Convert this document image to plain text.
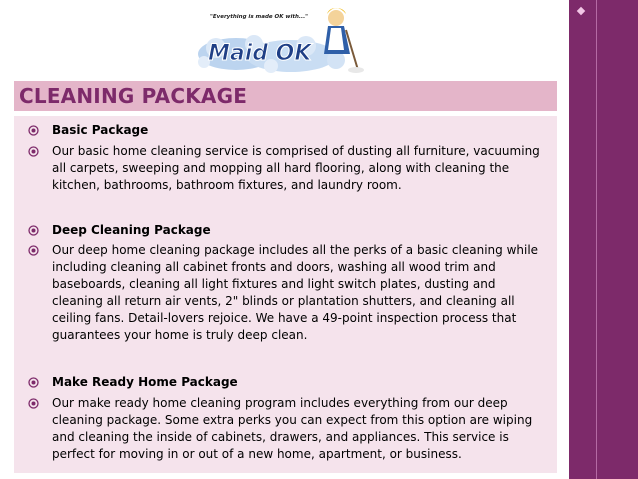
"Everything is made OK with..."
Maid OK
CLEANING PACKAGE
Basic Package
Our basic home cleaning service is comprised of dusting all furniture, vacuuming all carpets, sweeping and mopping all hard flooring, along with cleaning the kitchen, bathrooms, bathroom fixtures, and laundry room.
Deep Cleaning Package
Our deep home cleaning package includes all the perks of a basic cleaning while including cleaning all cabinet fronts and doors, washing all wood trim and baseboards, cleaning all light fixtures and light switch plates, dusting and cleaning all return air vents, 2" blinds or plantation shutters, and cleaning all ceiling fans. Detail-lovers rejoice. We have a 49-point inspection process that guarantees your home is truly deep clean.
Make Ready Home Package
Our make ready home cleaning program includes everything from our deep cleaning package. Some extra perks you can expect from this option are wiping and cleaning the inside of cabinets, drawers, and appliances. This service is perfect for moving in or out of a new home, apartment, or business.
